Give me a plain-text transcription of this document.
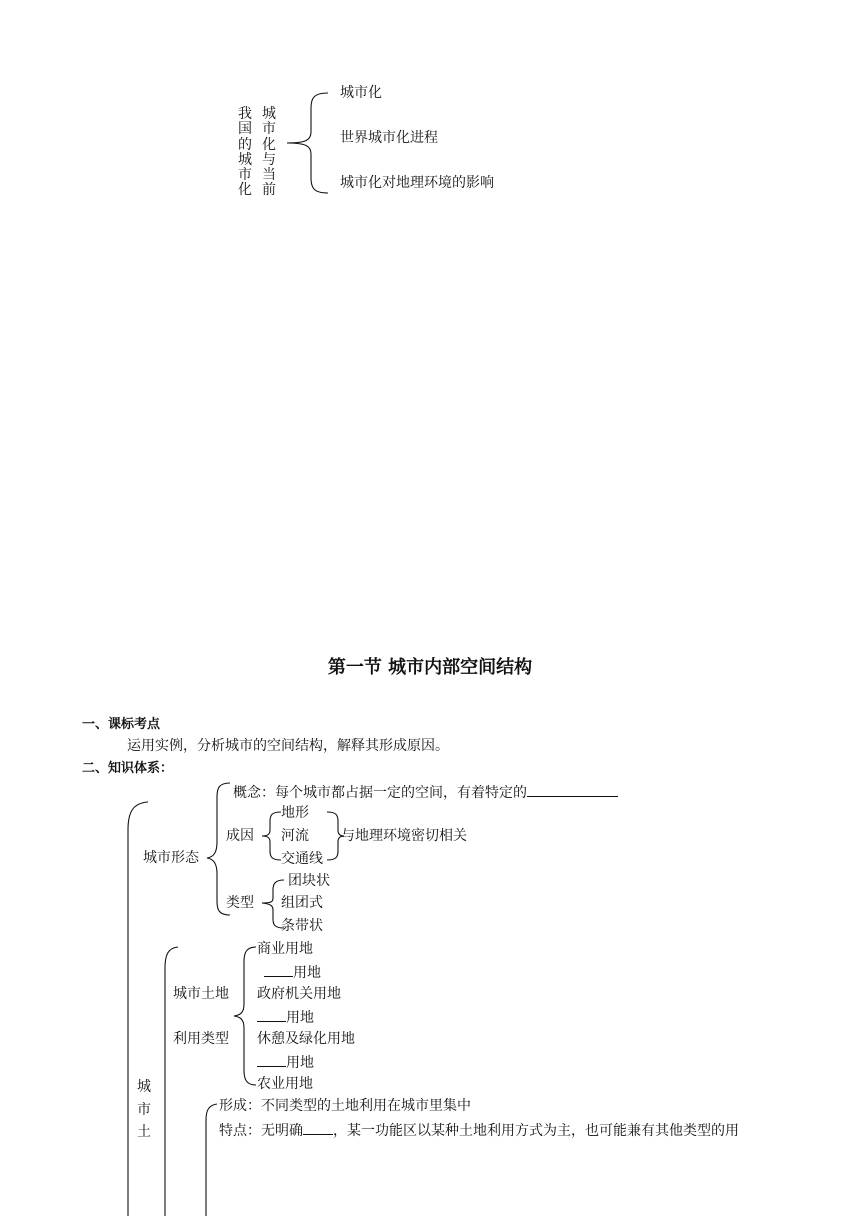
我
国
的
城
市
化
城
市
化
与
当
前
城市化
世界城市化进程
城市化对地理环境的影响
第一节 城市内部空间结构
一、课标考点
运用实例，分析城市的空间结构，解释其形成原因。
二、知识体系：
城市形态
概念：每个城市都占据一定的空间，有着特定的
成因
地形
河流
交通线
与地理环境密切相关
类型
团块状
组团式
条带状
城市土地
利用类型
商业用地
用地
政府机关用地
用地
休憩及绿化用地
用地
农业用地
城
市
土
形成：不同类型的土地利用在城市里集中
特点：无明确 ，某一功能区以某种土地利用方式为主，也可能兼有其他类型的用
